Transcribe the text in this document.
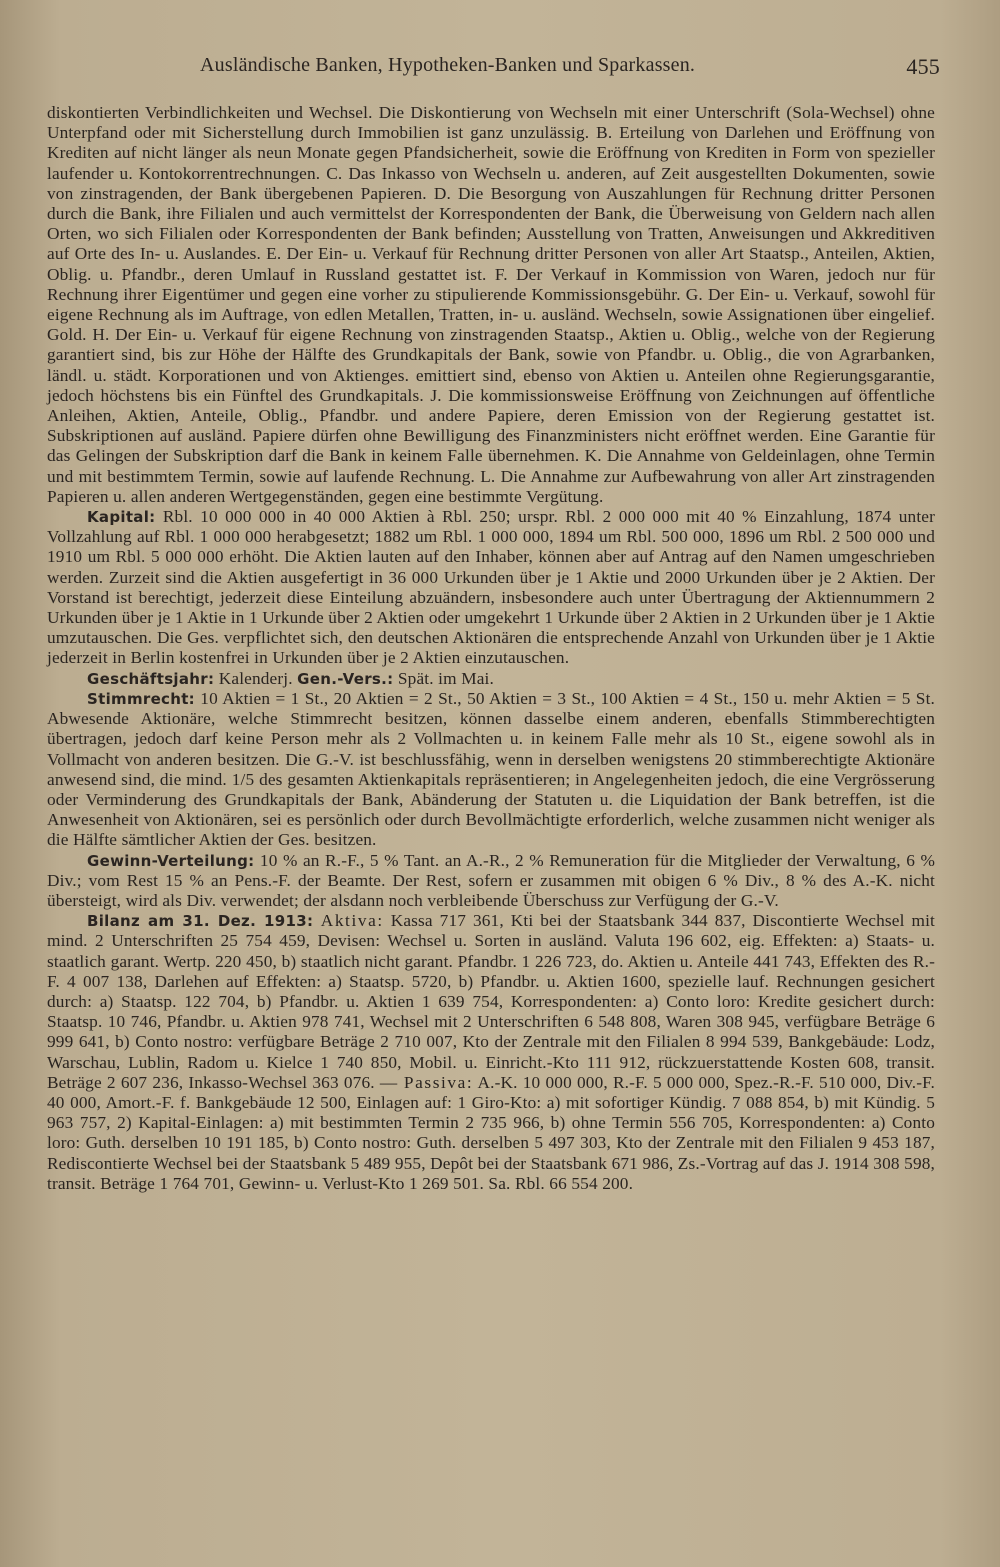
Ausländische Banken, Hypotheken-Banken und Sparkassen.	455

diskontierten Verbindlichkeiten und Wechsel. Die Diskontierung von Wechseln mit einer Unterschrift (Sola-Wechsel) ohne Unterpfand oder mit Sicherstellung durch Immobilien ist ganz unzulässig. B. Erteilung von Darlehen und Eröffnung von Krediten auf nicht länger als neun Monate gegen Pfandsicherheit, sowie die Eröffnung von Krediten in Form von spezieller laufender u. Kontokorrentrechnungen. C. Das Inkasso von Wechseln u. anderen, auf Zeit ausgestellten Dokumenten, sowie von zinstragenden, der Bank übergebenen Papieren. D. Die Besorgung von Auszahlungen für Rechnung dritter Personen durch die Bank, ihre Filialen und auch vermittelst der Korrespondenten der Bank, die Überweisung von Geldern nach allen Orten, wo sich Filialen oder Korrespondenten der Bank befinden; Ausstellung von Tratten, Anweisungen und Akkreditiven auf Orte des In- u. Auslandes. E. Der Ein- u. Verkauf für Rechnung dritter Personen von aller Art Staatsp., Anteilen, Aktien, Oblig. u. Pfandbr., deren Umlauf in Russland gestattet ist. F. Der Verkauf in Kommission von Waren, jedoch nur für Rechnung ihrer Eigentümer und gegen eine vorher zu stipulierende Kommissionsgebühr. G. Der Ein- u. Verkauf, sowohl für eigene Rechnung als im Auftrage, von edlen Metallen, Tratten, in- u. ausländ. Wechseln, sowie Assignationen über eingelief. Gold. H. Der Ein- u. Verkauf für eigene Rechnung von zinstragenden Staatsp., Aktien u. Oblig., welche von der Regierung garantiert sind, bis zur Höhe der Hälfte des Grundkapitals der Bank, sowie von Pfandbr. u. Oblig., die von Agrarbanken, ländl. u. städt. Korporationen und von Aktienges. emittiert sind, ebenso von Aktien u. Anteilen ohne Regierungsgarantie, jedoch höchstens bis ein Fünftel des Grundkapitals. J. Die kommissionsweise Eröffnung von Zeichnungen auf öffentliche Anleihen, Aktien, Anteile, Oblig., Pfandbr. und andere Papiere, deren Emission von der Regierung gestattet ist. Subskriptionen auf ausländ. Papiere dürfen ohne Bewilligung des Finanzministers nicht eröffnet werden. Eine Garantie für das Gelingen der Subskription darf die Bank in keinem Falle übernehmen. K. Die Annahme von Geldeinlagen, ohne Termin und mit bestimmtem Termin, sowie auf laufende Rechnung. L. Die Annahme zur Aufbewahrung von aller Art zinstragenden Papieren u. allen anderen Wertgegenständen, gegen eine bestimmte Vergütung.

Kapital: Rbl. 10 000 000 in 40 000 Aktien à Rbl. 250; urspr. Rbl. 2 000 000 mit 40 % Einzahlung, 1874 unter Vollzahlung auf Rbl. 1 000 000 herabgesetzt; 1882 um Rbl. 1 000 000, 1894 um Rbl. 500 000, 1896 um Rbl. 2 500 000 und 1910 um Rbl. 5 000 000 erhöht. Die Aktien lauten auf den Inhaber, können aber auf Antrag auf den Namen umgeschrieben werden. Zurzeit sind die Aktien ausgefertigt in 36 000 Urkunden über je 1 Aktie und 2000 Urkunden über je 2 Aktien. Der Vorstand ist berechtigt, jederzeit diese Einteilung abzuändern, insbesondere auch unter Übertragung der Aktiennummern 2 Urkunden über je 1 Aktie in 1 Urkunde über 2 Aktien oder umgekehrt 1 Urkunde über 2 Aktien in 2 Urkunden über je 1 Aktie umzutauschen. Die Ges. verpflichtet sich, den deutschen Aktionären die entsprechende Anzahl von Urkunden über je 1 Aktie jederzeit in Berlin kostenfrei in Urkunden über je 2 Aktien einzutauschen.

Geschäftsjahr: Kalenderj. Gen.-Vers.: Spät. im Mai.

Stimmrecht: 10 Aktien = 1 St., 20 Aktien = 2 St., 50 Aktien = 3 St., 100 Aktien = 4 St., 150 u. mehr Aktien = 5 St. Abwesende Aktionäre, welche Stimmrecht besitzen, können dasselbe einem anderen, ebenfalls Stimmberechtigten übertragen, jedoch darf keine Person mehr als 2 Vollmachten u. in keinem Falle mehr als 10 St., eigene sowohl als in Vollmacht von anderen besitzen. Die G.-V. ist beschlussfähig, wenn in derselben wenigstens 20 stimmberechtigte Aktionäre anwesend sind, die mind. 1/5 des gesamten Aktienkapitals repräsentieren; in Angelegenheiten jedoch, die eine Vergrösserung oder Verminderung des Grundkapitals der Bank, Abänderung der Statuten u. die Liquidation der Bank betreffen, ist die Anwesenheit von Aktionären, sei es persönlich oder durch Bevollmächtigte erforderlich, welche zusammen nicht weniger als die Hälfte sämtlicher Aktien der Ges. besitzen.

Gewinn-Verteilung: 10 % an R.-F., 5 % Tant. an A.-R., 2 % Remuneration für die Mitglieder der Verwaltung, 6 % Div.; vom Rest 15 % an Pens.-F. der Beamte. Der Rest, sofern er zusammen mit obigen 6 % Div., 8 % des A.-K. nicht übersteigt, wird als Div. verwendet; der alsdann noch verbleibende Überschuss zur Verfügung der G.-V.

Bilanz am 31. Dez. 1913: Aktiva: Kassa 717 361, Kti bei der Staatsbank 344 837, Discontierte Wechsel mit mind. 2 Unterschriften 25 754 459, Devisen: Wechsel u. Sorten in ausländ. Valuta 196 602, eig. Effekten: a) Staats- u. staatlich garant. Wertp. 220 450, b) staatlich nicht garant. Pfandbr. 1 226 723, do. Aktien u. Anteile 441 743, Effekten des R.-F. 4 007 138, Darlehen auf Effekten: a) Staatsp. 5720, b) Pfandbr. u. Aktien 1600, spezielle lauf. Rechnungen gesichert durch: a) Staatsp. 122 704, b) Pfandbr. u. Aktien 1 639 754, Korrespondenten: a) Conto loro: Kredite gesichert durch: Staatsp. 10 746, Pfandbr. u. Aktien 978 741, Wechsel mit 2 Unterschriften 6 548 808, Waren 308 945, verfügbare Beträge 6 999 641, b) Conto nostro: verfügbare Beträge 2 710 007, Kto der Zentrale mit den Filialen 8 994 539, Bankgebäude: Lodz, Warschau, Lublin, Radom u. Kielce 1 740 850, Mobil. u. Einricht.-Kto 111 912, rückzuerstattende Kosten 608, transit. Beträge 2 607 236, Inkasso-Wechsel 363 076. — Passiva: A.-K. 10 000 000, R.-F. 5 000 000, Spez.-R.-F. 510 000, Div.-F. 40 000, Amort.-F. f. Bankgebäude 12 500, Einlagen auf: 1 Giro-Kto: a) mit sofortiger Kündig. 7 088 854, b) mit Kündig. 5 963 757, 2) Kapital-Einlagen: a) mit bestimmten Termin 2 735 966, b) ohne Termin 556 705, Korrespondenten: a) Conto loro: Guth. derselben 10 191 185, b) Conto nostro: Guth. derselben 5 497 303, Kto der Zentrale mit den Filialen 9 453 187, Rediscontierte Wechsel bei der Staatsbank 5 489 955, Depôt bei der Staatsbank 671 986, Zs.-Vortrag auf das J. 1914 308 598, transit. Beträge 1 764 701, Gewinn- u. Verlust-Kto 1 269 501. Sa. Rbl. 66 554 200.
